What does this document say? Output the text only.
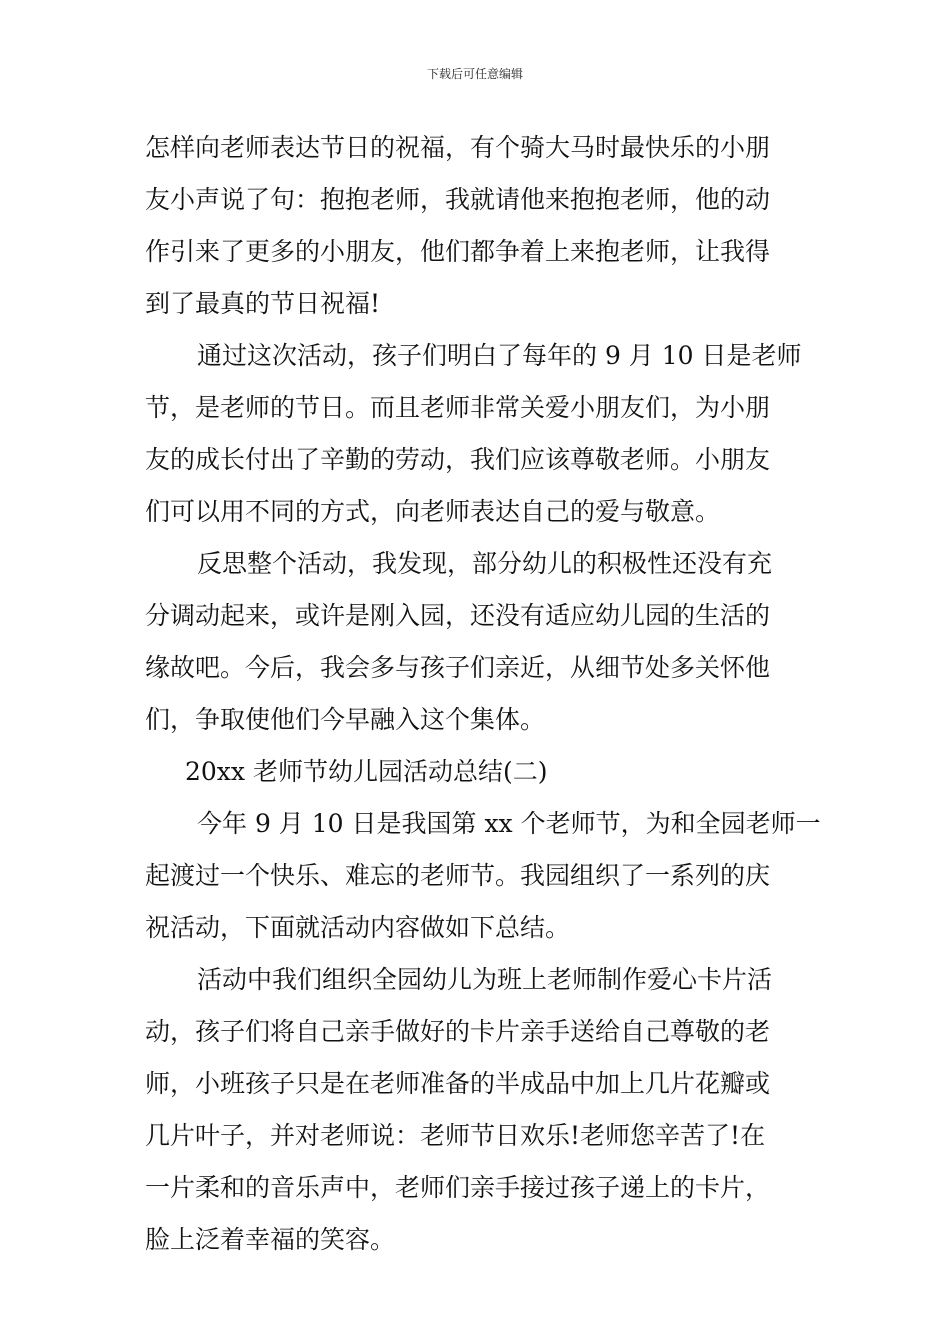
下载后可任意编辑
怎样向老师表达节日的祝福，有个骑大马时最快乐的小朋
友小声说了句：抱抱老师，我就请他来抱抱老师，他的动
作引来了更多的小朋友，他们都争着上来抱老师，让我得
到了最真的节日祝福!
通过这次活动，孩子们明白了每年的 9 月 10 日是老师
节，是老师的节日。而且老师非常关爱小朋友们，为小朋
友的成长付出了辛勤的劳动，我们应该尊敬老师。小朋友
们可以用不同的方式，向老师表达自己的爱与敬意。
反思整个活动，我发现，部分幼儿的积极性还没有充
分调动起来，或许是刚入园，还没有适应幼儿园的生活的
缘故吧。今后，我会多与孩子们亲近，从细节处多关怀他
们，争取使他们今早融入这个集体。
20xx 老师节幼儿园活动总结(二)
今年 9 月 10 日是我国第 xx 个老师节，为和全园老师一
起渡过一个快乐、难忘的老师节。我园组织了一系列的庆
祝活动，下面就活动内容做如下总结。
活动中我们组织全园幼儿为班上老师制作爱心卡片活
动，孩子们将自己亲手做好的卡片亲手送给自己尊敬的老
师，小班孩子只是在老师准备的半成品中加上几片花瓣或
几片叶子，并对老师说：老师节日欢乐!老师您辛苦了!在
一片柔和的音乐声中，老师们亲手接过孩子递上的卡片，
脸上泛着幸福的笑容。
